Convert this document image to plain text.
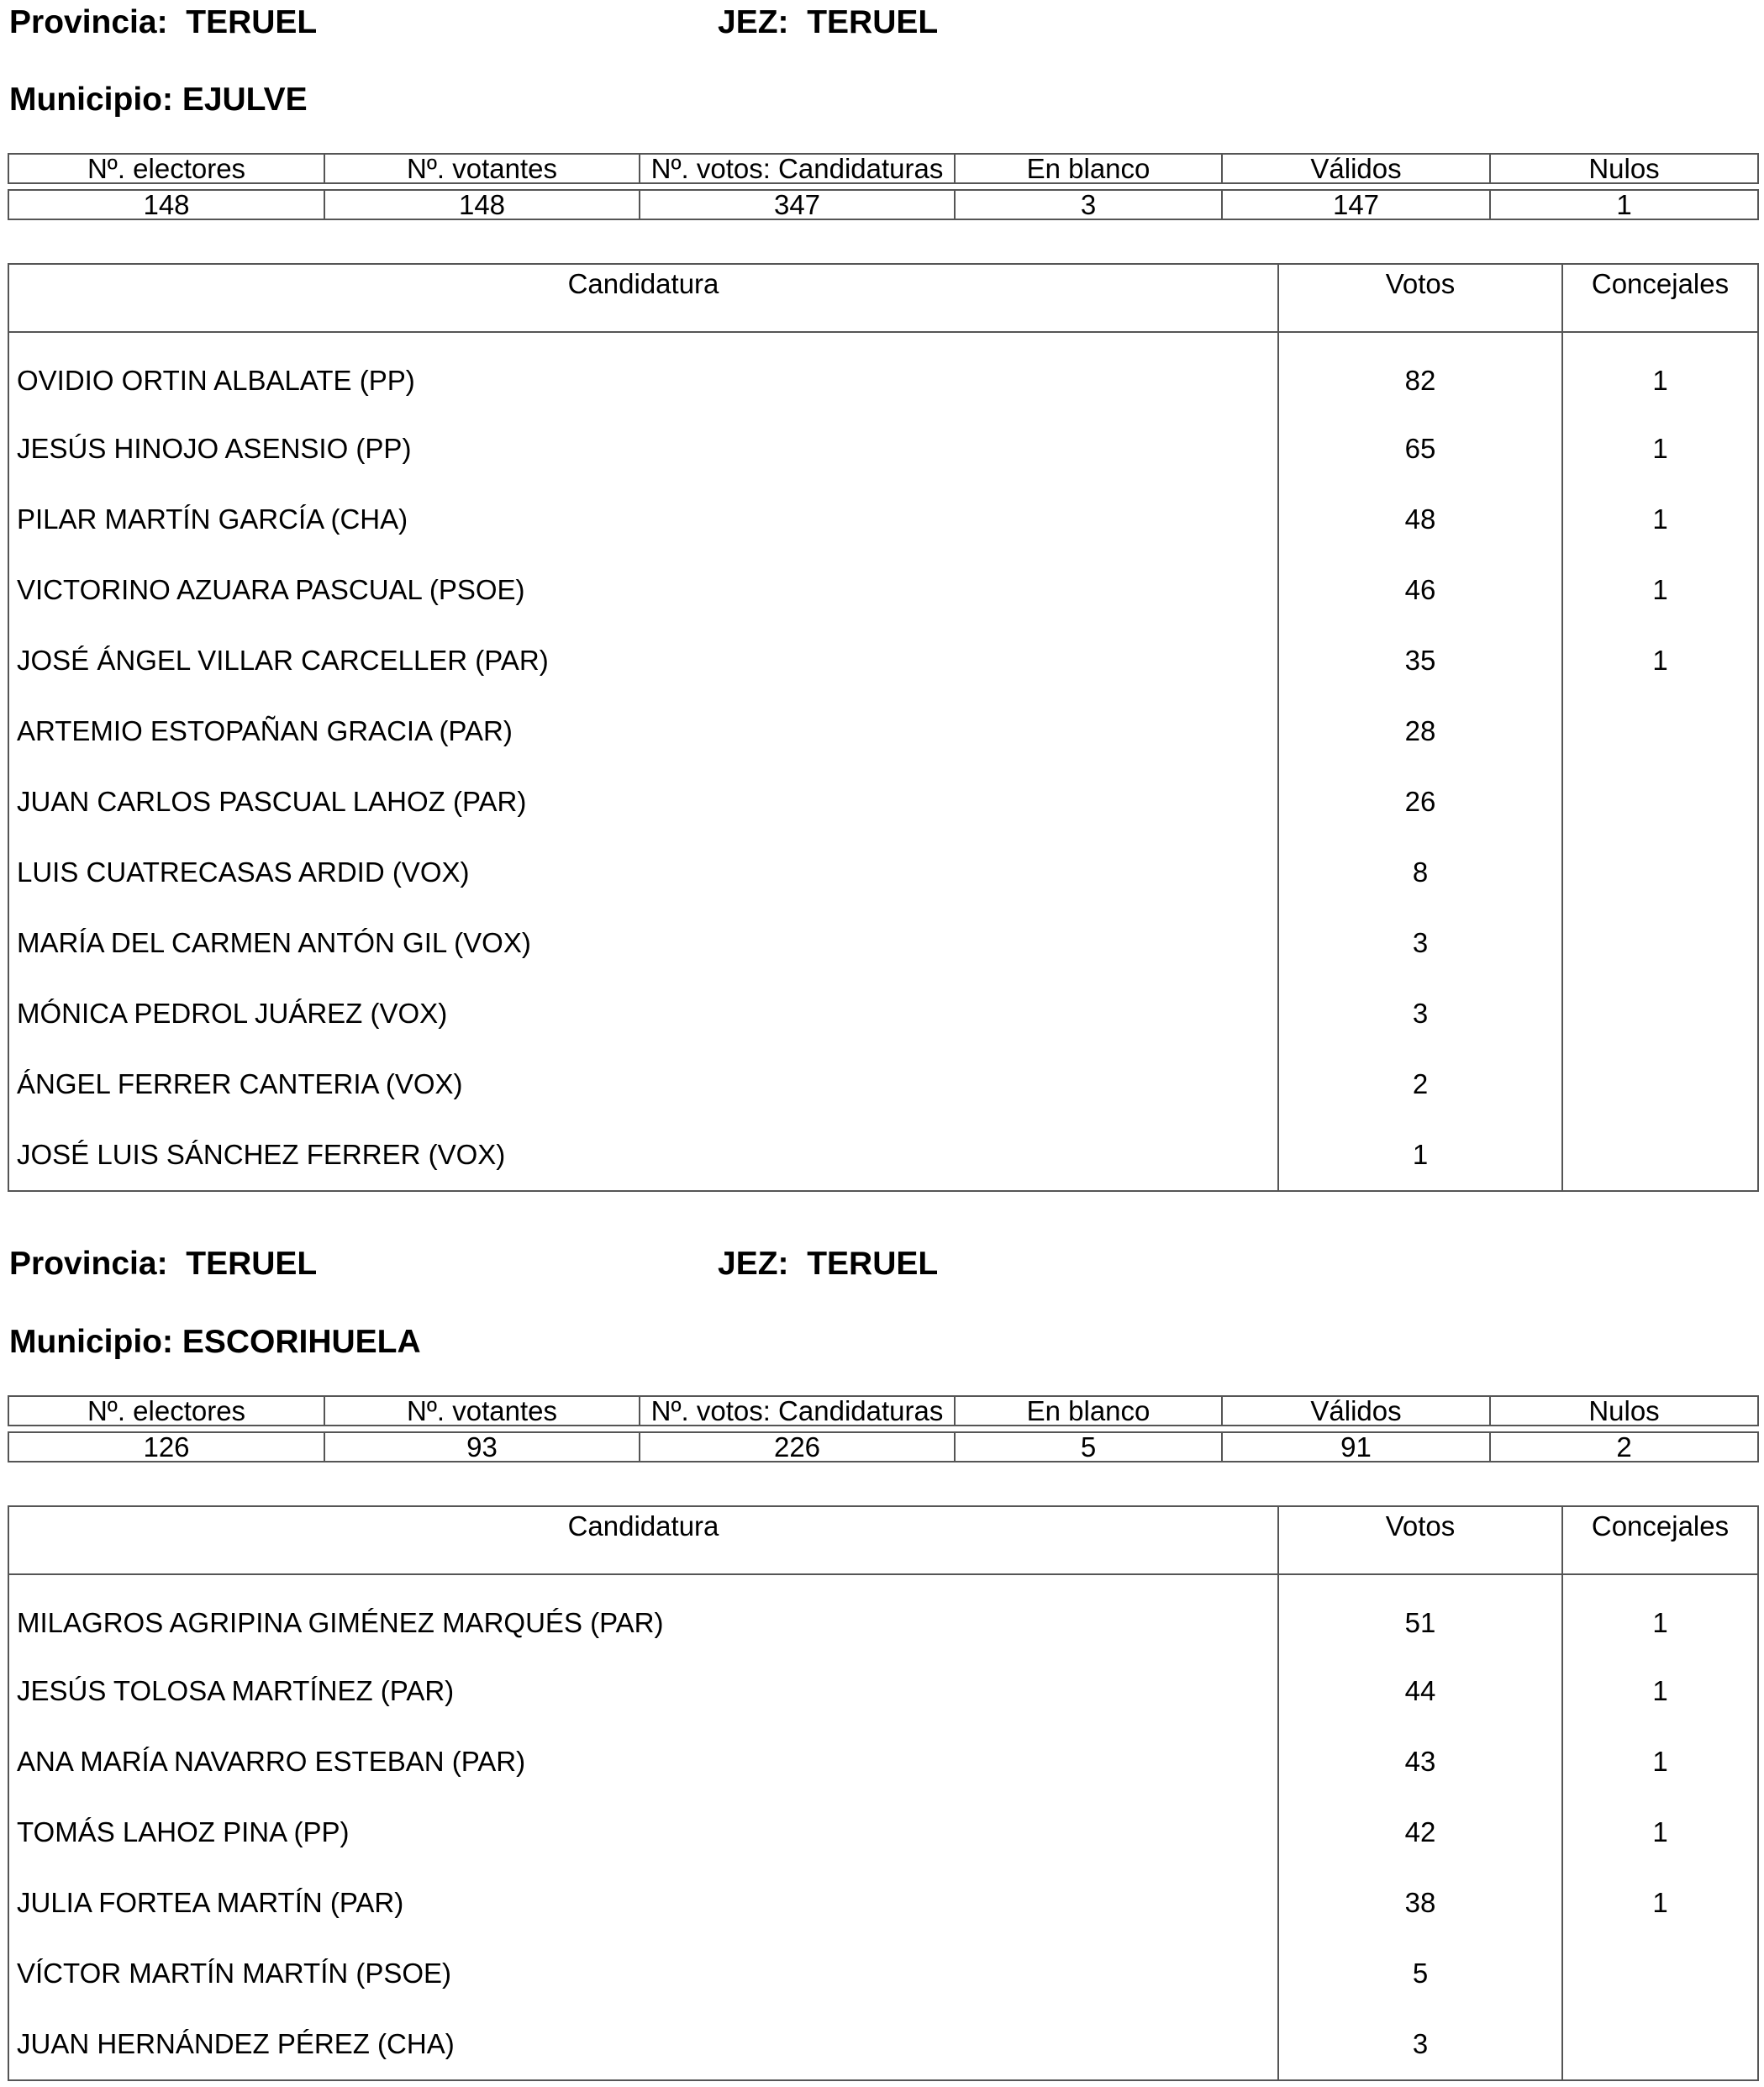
Provincia: TERUEL	JEZ: TERUEL
Municipio: EJULVE
Nº. electores	Nº. votantes	Nº. votos: Candidaturas	En blanco	Válidos	Nulos

148	148	347	3	147	1
Candidatura	Votos	Concejales
OVIDIO ORTIN ALBALATE (PP)	82	1
JESÚS HINOJO ASENSIO (PP)	65	1
PILAR MARTÍN GARCÍA (CHA)	48	1
VICTORINO AZUARA PASCUAL (PSOE)	46	1
JOSÉ ÁNGEL VILLAR CARCELLER (PAR)	35	1
ARTEMIO ESTOPAÑAN GRACIA (PAR)	28	
JUAN CARLOS PASCUAL LAHOZ (PAR)	26	
LUIS CUATRECASAS ARDID (VOX)	8	
MARÍA DEL CARMEN ANTÓN GIL (VOX)	3	
MÓNICA PEDROL JUÁREZ (VOX)	3	
ÁNGEL FERRER CANTERIA (VOX)	2	
JOSÉ LUIS SÁNCHEZ FERRER (VOX)	1	
Provincia: TERUEL	JEZ: TERUEL
Municipio: ESCORIHUELA
Nº. electores	Nº. votantes	Nº. votos: Candidaturas	En blanco	Válidos	Nulos

126	93	226	5	91	2
Candidatura	Votos	Concejales
MILAGROS AGRIPINA GIMÉNEZ MARQUÉS (PAR)	51	1
JESÚS TOLOSA MARTÍNEZ (PAR)	44	1
ANA MARÍA NAVARRO ESTEBAN (PAR)	43	1
TOMÁS LAHOZ PINA (PP)	42	1
JULIA FORTEA MARTÍN (PAR)	38	1
VÍCTOR MARTÍN MARTÍN (PSOE)	5	
JUAN HERNÁNDEZ PÉREZ (CHA)	3	
